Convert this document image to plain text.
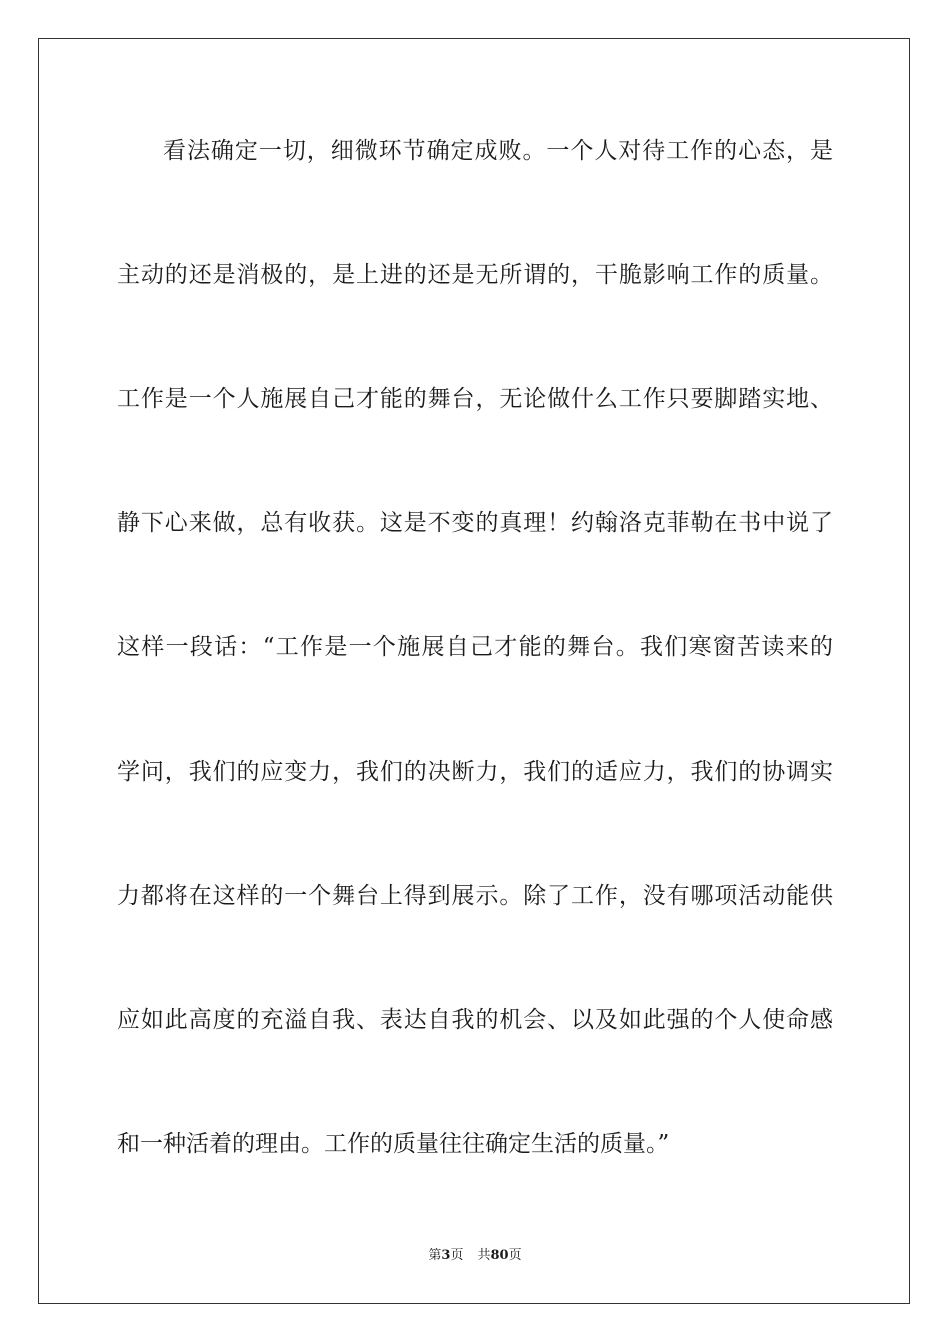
看法确定一切，细微环节确定成败。一个人对待工作的心态，是
主动的还是消极的，是上进的还是无所谓的，干脆影响工作的质量。
工作是一个人施展自己才能的舞台，无论做什么工作只要脚踏实地、
静下心来做，总有收获。这是不变的真理！约翰洛克菲勒在书中说了
这样一段话：“工作是一个施展自己才能的舞台。我们寒窗苦读来的
学问，我们的应变力，我们的决断力，我们的适应力，我们的协调实
力都将在这样的一个舞台上得到展示。除了工作，没有哪项活动能供
应如此高度的充溢自我、表达自我的机会、以及如此强的个人使命感
和一种活着的理由。工作的质量往往确定生活的质量。”
第3页 共80页
